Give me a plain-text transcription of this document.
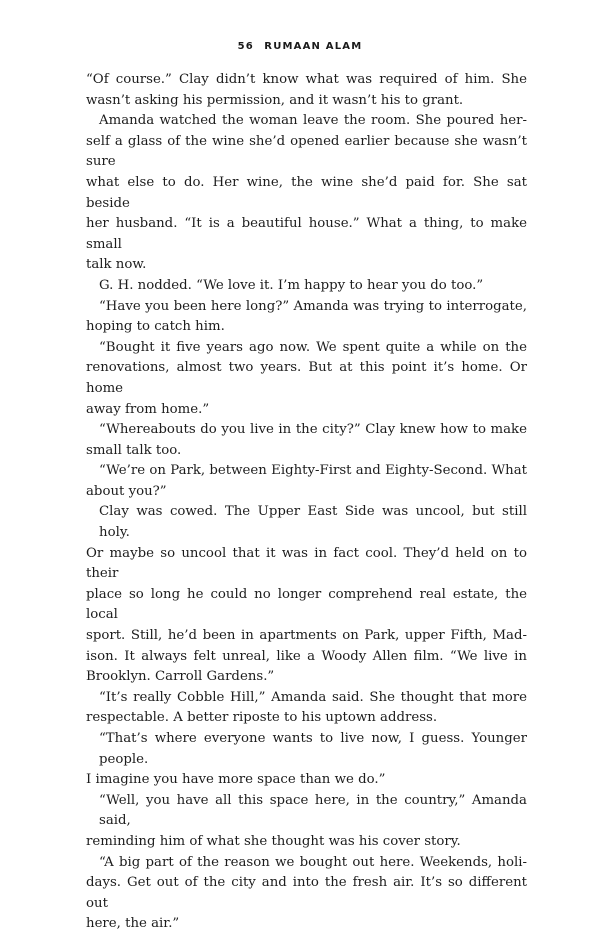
56 RUMAAN ALAM

“Of course.” Clay didn’t know what was required of him. She
wasn’t asking his permission, and it wasn’t his to grant.

Amanda watched the woman leave the room. She poured her-
self a glass of the wine she’d opened earlier because she wasn’t sure
what else to do. Her wine, the wine she’d paid for. She sat beside
her husband. “It is a beautiful house.” What a thing, to make small
talk now.

G. H. nodded. “We love it. I’m happy to hear you do too.”

“Have you been here long?” Amanda was trying to interrogate,
hoping to catch him.

“Bought it five years ago now. We spent quite a while on the
renovations, almost two years. But at this point it’s home. Or home
away from home.”

“Whereabouts do you live in the city?” Clay knew how to make
small talk too.

“We’re on Park, between Eighty-First and Eighty-Second. What
about you?”

Clay was cowed. The Upper East Side was uncool, but still holy.
Or maybe so uncool that it was in fact cool. They’d held on to their
place so long he could no longer comprehend real estate, the local
sport. Still, he’d been in apartments on Park, upper Fifth, Mad-
ison. It always felt unreal, like a Woody Allen film. “We live in
Brooklyn. Carroll Gardens.”

“It’s really Cobble Hill,” Amanda said. She thought that more
respectable. A better riposte to his uptown address.

“That’s where everyone wants to live now, I guess. Younger people.
I imagine you have more space than we do.”

“Well, you have all this space here, in the country,” Amanda said,
reminding him of what she thought was his cover story.

“A big part of the reason we bought out here. Weekends, holi-
days. Get out of the city and into the fresh air. It’s so different out
here, the air.”
